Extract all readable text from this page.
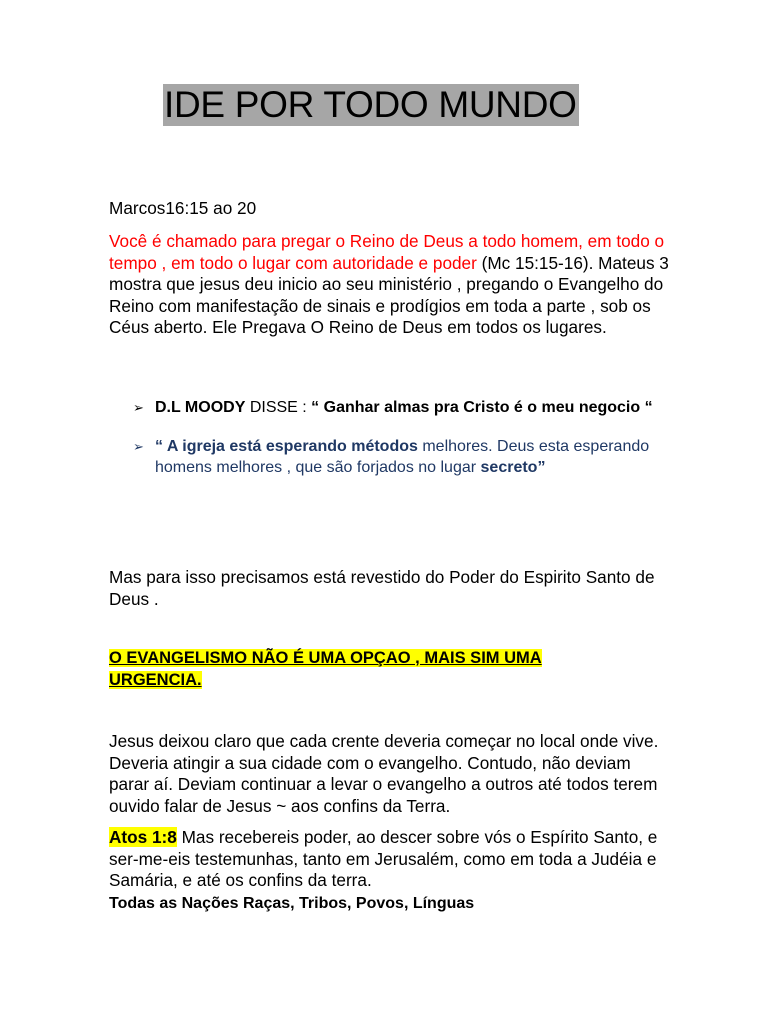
IDE POR TODO MUNDO

Marcos16:15 ao 20

Você é chamado para pregar o Reino de Deus a todo homem, em todo o tempo , em todo o lugar com autoridade e poder (Mc 15:15-16). Mateus 3 mostra que jesus deu inicio ao seu ministério , pregando o Evangelho do Reino com manifestação de sinais e prodígios em toda a parte , sob os Céus aberto. Ele Pregava O Reino de Deus em todos os lugares.

➢ D.L MOODY DISSE : “ Ganhar almas pra Cristo é o meu negocio “
➢ “ A igreja está esperando métodos melhores. Deus esta esperando homens melhores , que são forjados no lugar secreto”

Mas para isso precisamos está revestido do Poder do Espirito Santo de Deus .

O EVANGELISMO NÃO É UMA OPÇAO , MAIS SIM UMA URGENCIA.

Jesus deixou claro que cada crente deveria começar no local onde vive. Deveria atingir a sua cidade com o evangelho. Contudo, não deviam parar aí. Deviam continuar a levar o evangelho a outros até todos terem ouvido falar de Jesus ~ aos confins da Terra.

Atos 1:8 Mas recebereis poder, ao descer sobre vós o Espírito Santo, e ser-me-eis testemunhas, tanto em Jerusalém, como em toda a Judéia e Samária, e até os confins da terra.
Todas as Nações Raças, Tribos, Povos, Línguas
